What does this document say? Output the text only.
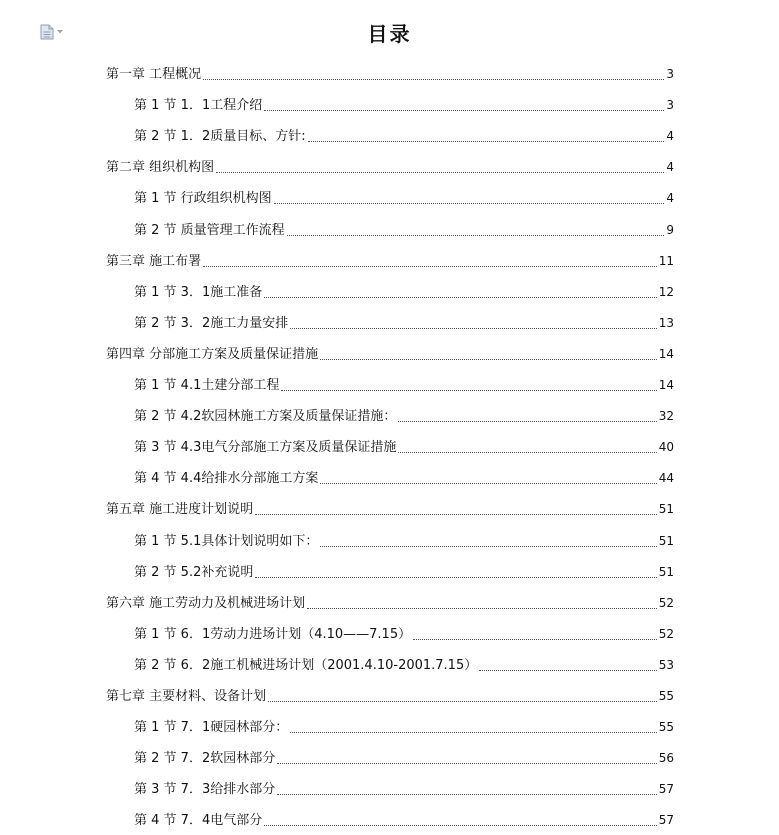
目录
第一章 工程概况	3
第 1 节 1．1工程介绍	3
第 2 节 1．2质量目标、方针:	4
第二章 组织机构图	4
第 1 节 行政组织机构图	4
第 2 节 质量管理工作流程	9
第三章 施工布署	11
第 1 节 3．1施工准备	12
第 2 节 3．2施工力量安排	13
第四章 分部施工方案及质量保证措施	14
第 1 节 4.1土建分部工程	14
第 2 节 4.2软园林施工方案及质量保证措施：	32
第 3 节 4.3电气分部施工方案及质量保证措施	40
第 4 节 4.4给排水分部施工方案	44
第五章 施工进度计划说明	51
第 1 节 5.1具体计划说明如下：	51
第 2 节 5.2补充说明	51
第六章 施工劳动力及机械进场计划	52
第 1 节 6．1劳动力进场计划（4.10——7.15）	52
第 2 节 6．2施工机械进场计划（2001.4.10-2001.7.15）	53
第七章 主要材料、设备计划	55
第 1 节 7．1硬园林部分：	55
第 2 节 7．2软园林部分	56
第 3 节 7．3给排水部分	57
第 4 节 7．4电气部分	57
